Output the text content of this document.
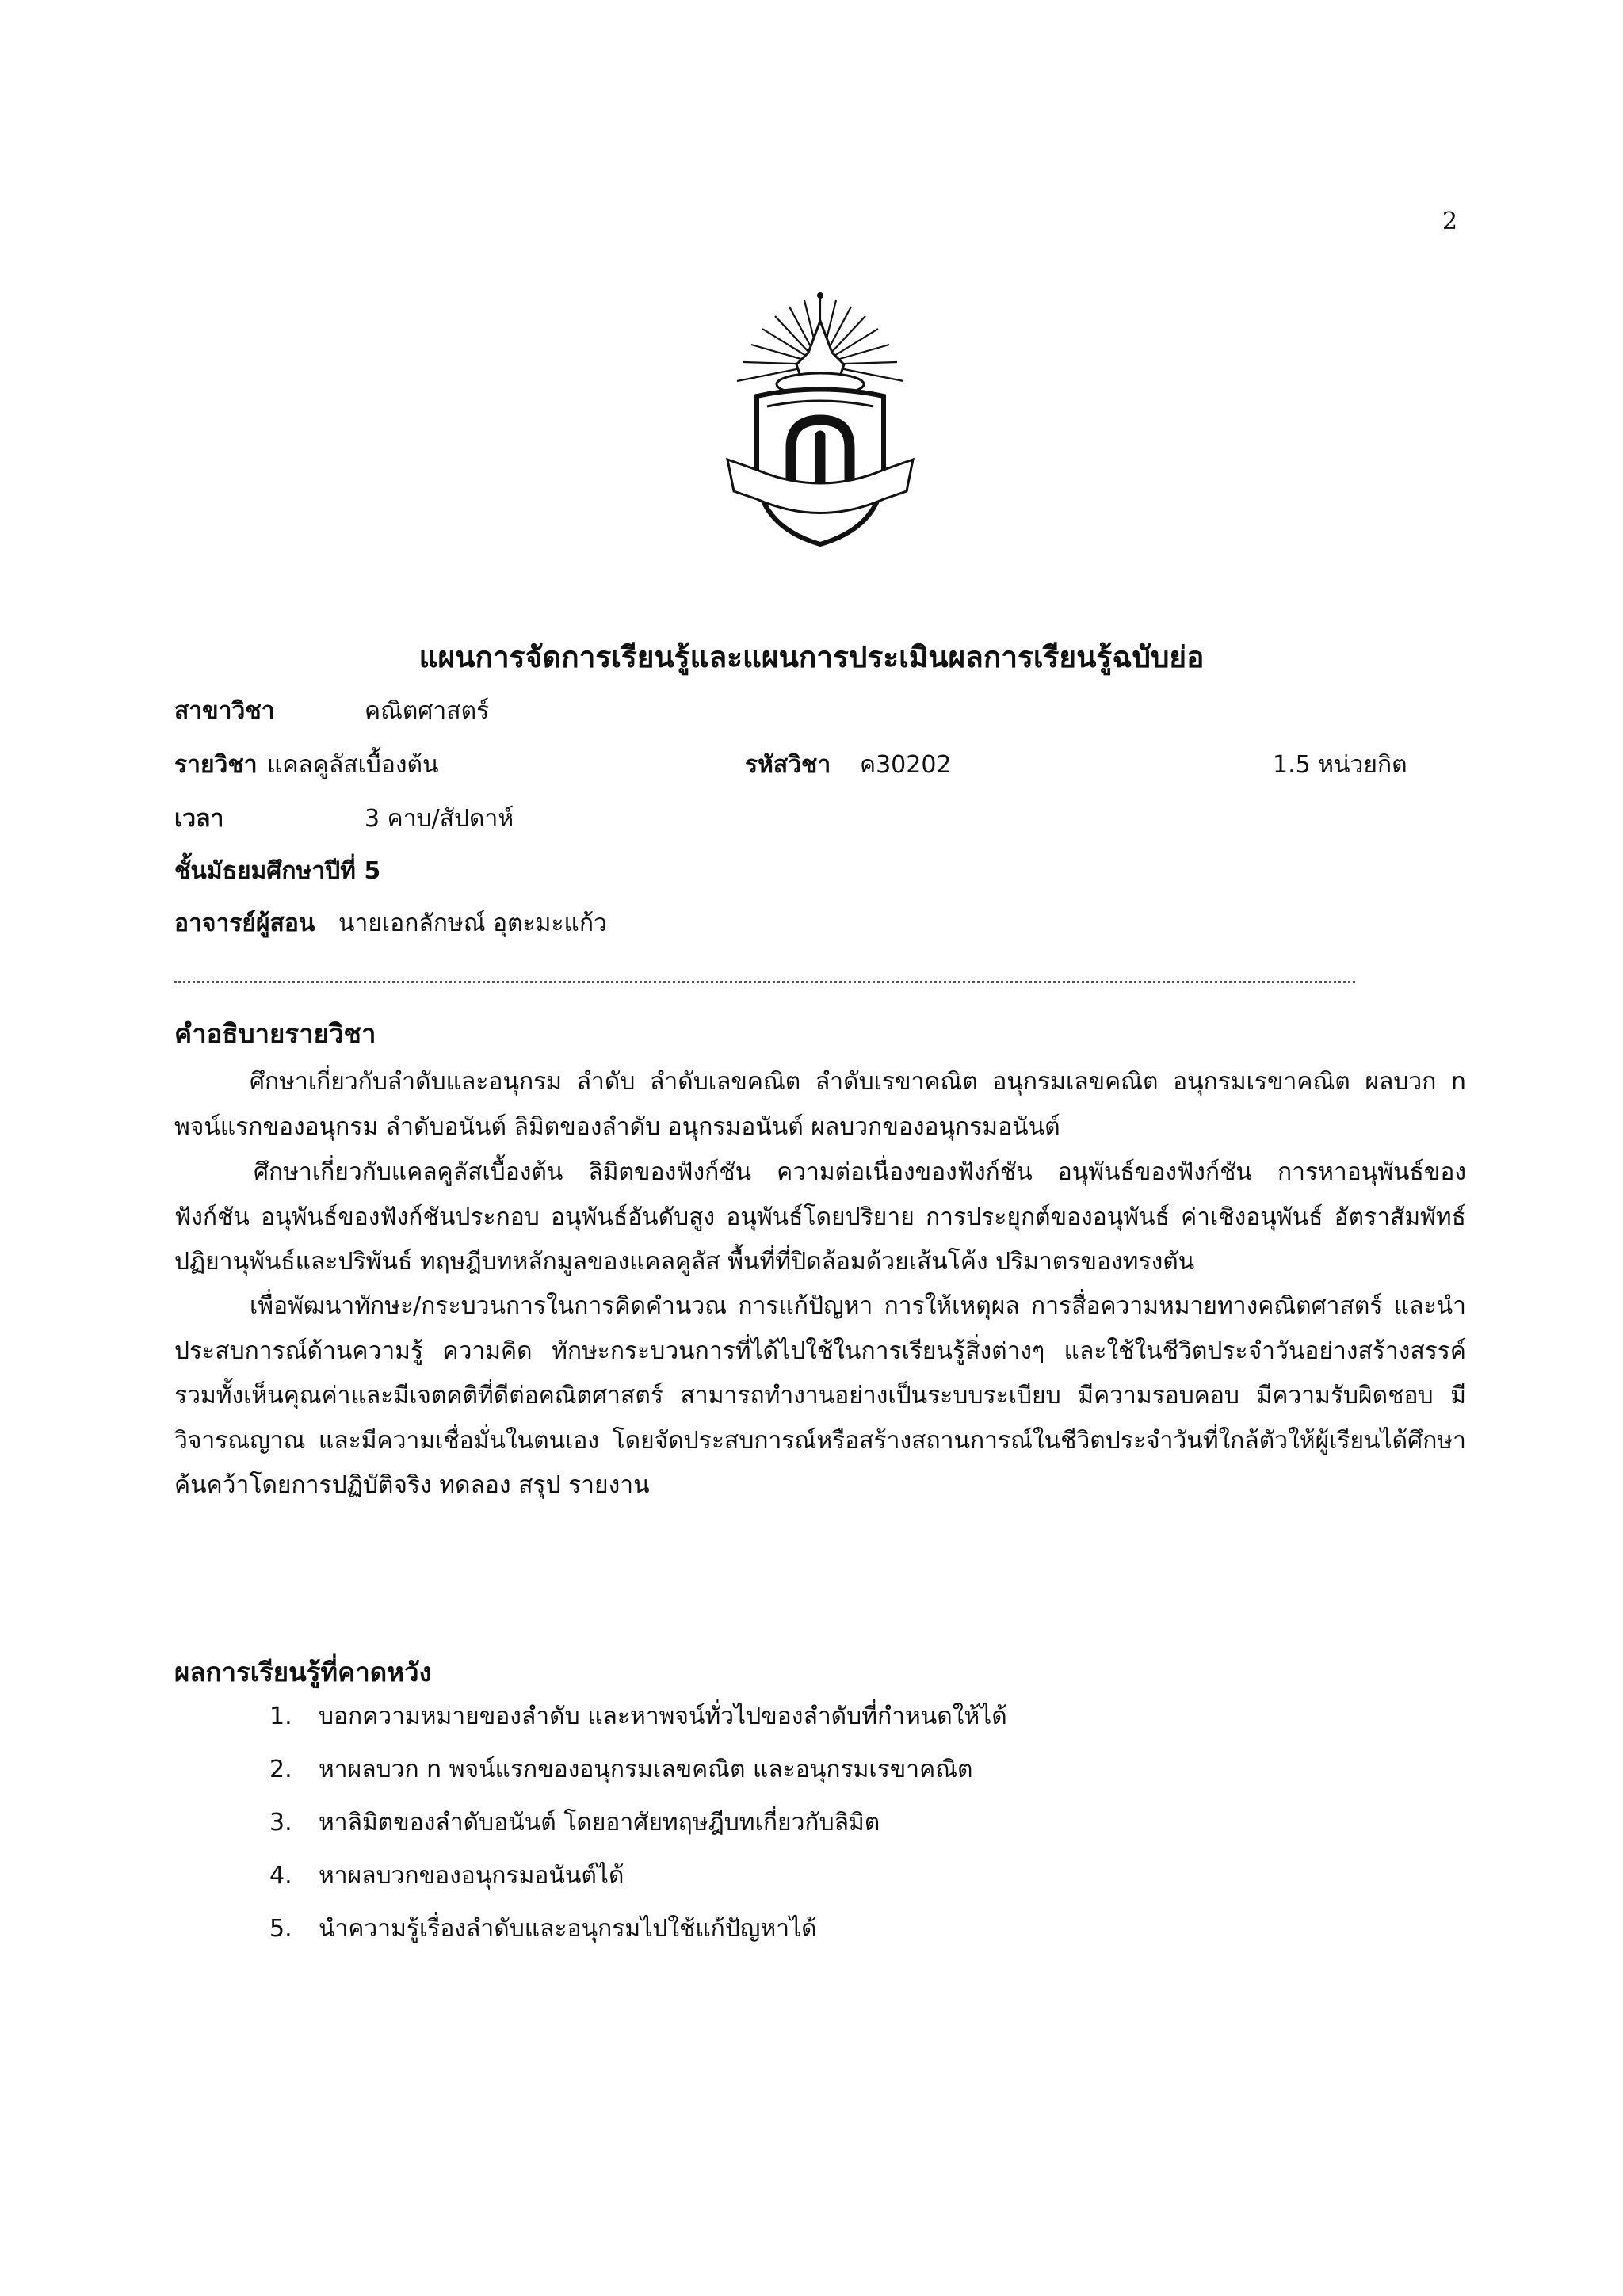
2
แผนการจัดการเรียนรู้และแผนการประเมินผลการเรียนรู้ฉบับย่อ
สาขาวิชา	คณิตศาสตร์
รายวิชา แคลคูลัสเบื้องต้น	รหัสวิชา ค30202	1.5 หน่วยกิต
เวลา	3 คาบ/สัปดาห์
ชั้นมัธยมศึกษาปีที่ 5
อาจารย์ผู้สอน นายเอกลักษณ์ อุตะมะแก้ว
คำอธิบายรายวิชา

ศึกษาเกี่ยวกับลำดับและอนุกรม ลำดับ ลำดับเลขคณิต ลำดับเรขาคณิต อนุกรมเลขคณิต อนุกรมเรขาคณิต ผลบวก n พจน์แรกของอนุกรม ลำดับอนันต์ ลิมิตของลำดับ อนุกรมอนันต์ ผลบวกของอนุกรมอนันต์

ศึกษาเกี่ยวกับแคลคูลัสเบื้องต้น ลิมิตของฟังก์ชัน ความต่อเนื่องของฟังก์ชัน อนุพันธ์ของฟังก์ชัน การหาอนุพันธ์ของฟังก์ชัน อนุพันธ์ของฟังก์ชันประกอบ อนุพันธ์อันดับสูง อนุพันธ์โดยปริยาย การประยุกต์ของอนุพันธ์ ค่าเชิงอนุพันธ์ อัตราสัมพัทธ์ ปฏิยานุพันธ์และปริพันธ์ ทฤษฎีบทหลักมูลของแคลคูลัส พื้นที่ที่ปิดล้อมด้วยเส้นโค้ง ปริมาตรของทรงตัน

เพื่อพัฒนาทักษะ/กระบวนการในการคิดคำนวณ การแก้ปัญหา การให้เหตุผล การสื่อความหมายทางคณิตศาสตร์ และนำประสบการณ์ด้านความรู้ ความคิด ทักษะกระบวนการที่ได้ไปใช้ในการเรียนรู้สิ่งต่างๆ และใช้ในชีวิตประจำวันอย่างสร้างสรรค์ รวมทั้งเห็นคุณค่าและมีเจตคติที่ดีต่อคณิตศาสตร์ สามารถทำงานอย่างเป็นระบบระเบียบ มีความรอบคอบ มีความรับผิดชอบ มีวิจารณญาณ และมีความเชื่อมั่นในตนเอง โดยจัดประสบการณ์หรือสร้างสถานการณ์ในชีวิตประจำวันที่ใกล้ตัวให้ผู้เรียนได้ศึกษาค้นคว้าโดยการปฏิบัติจริง ทดลอง สรุป รายงาน

ผลการเรียนรู้ที่คาดหวัง
1. บอกความหมายของลำดับ และหาพจน์ทั่วไปของลำดับที่กำหนดให้ได้
2. หาผลบวก n พจน์แรกของอนุกรมเลขคณิต และอนุกรมเรขาคณิต
3. หาลิมิตของลำดับอนันต์ โดยอาศัยทฤษฎีบทเกี่ยวกับลิมิต
4. หาผลบวกของอนุกรมอนันต์ได้
5. นำความรู้เรื่องลำดับและอนุกรมไปใช้แก้ปัญหาได้
